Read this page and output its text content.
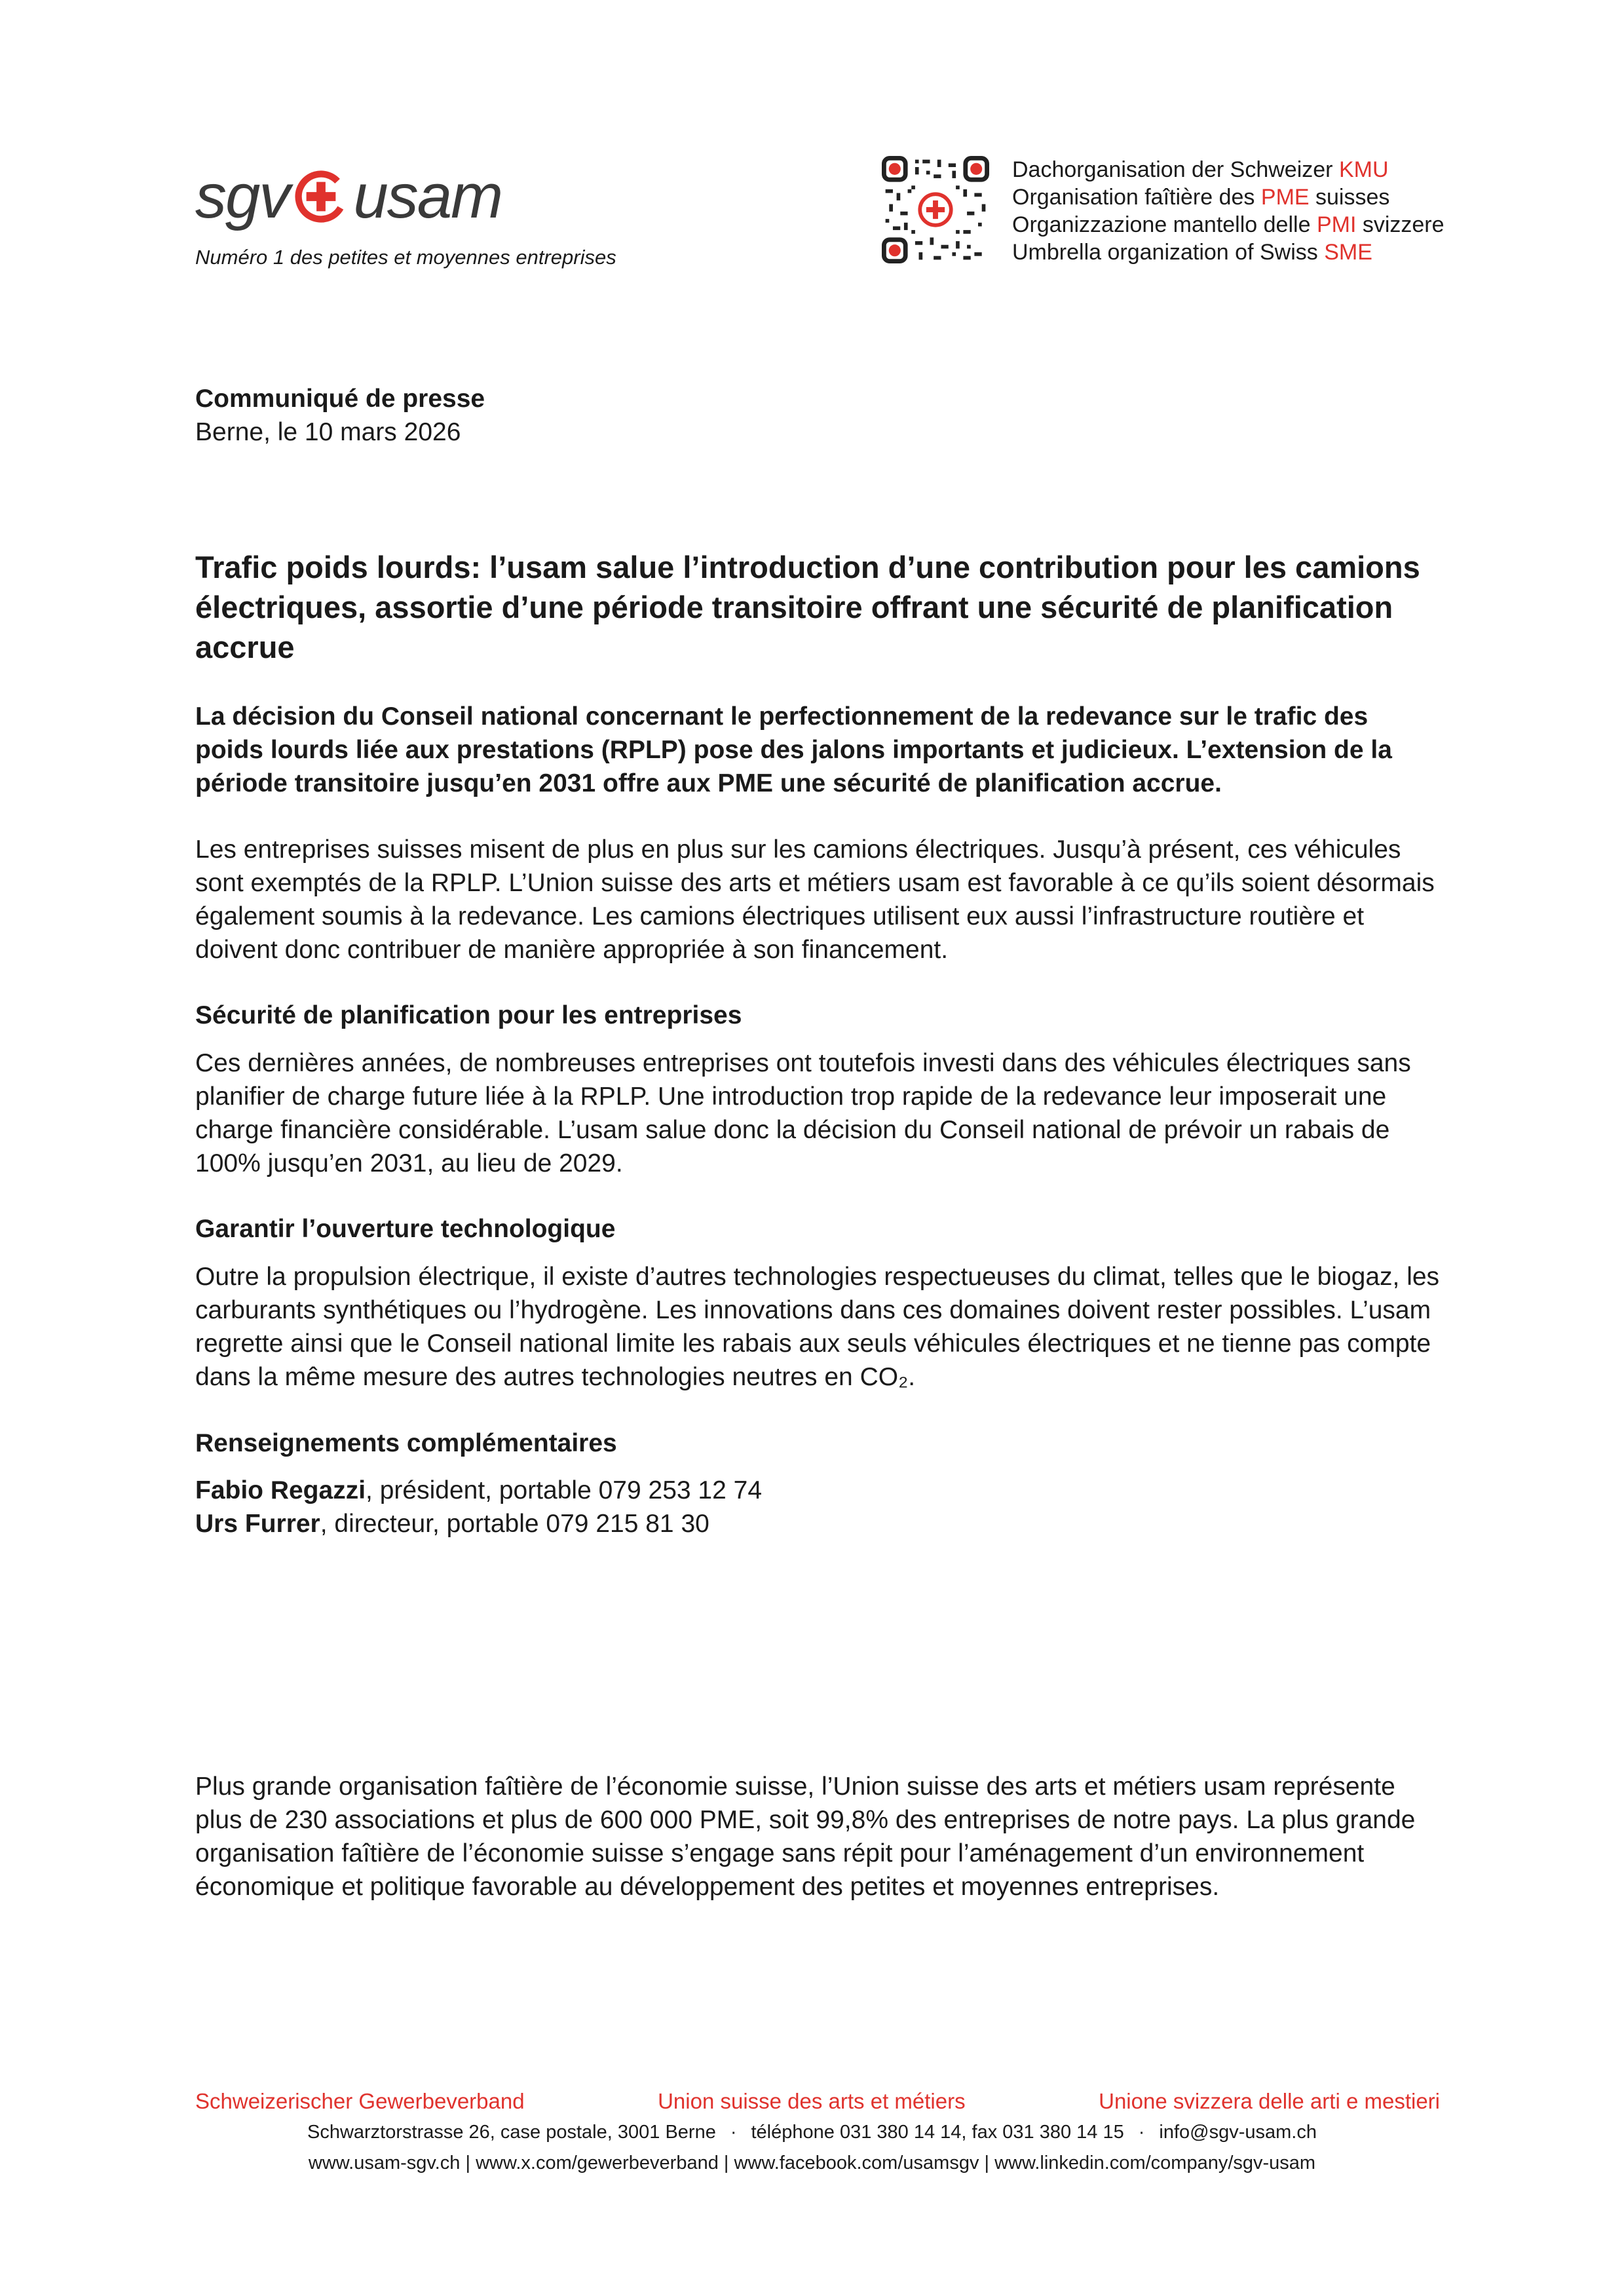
sgv usam
Numéro 1 des petites et moyennes entreprises
Dachorganisation der Schweizer KMU
Organisation faîtière des PME suisses
Organizzazione mantello delle PMI svizzere
Umbrella organization of Swiss SME
Communiqué de presse
Berne, le 10 mars 2026
Trafic poids lourds: l’usam salue l’introduction d’une contribution pour les camions électriques, assortie d’une période transitoire offrant une sécurité de planification accrue
La décision du Conseil national concernant le perfectionnement de la redevance sur le trafic des poids lourds liée aux prestations (RPLP) pose des jalons importants et judicieux. L’extension de la période transitoire jusqu’en 2031 offre aux PME une sécurité de planification accrue.
Les entreprises suisses misent de plus en plus sur les camions électriques. Jusqu’à présent, ces véhicules sont exemptés de la RPLP. L’Union suisse des arts et métiers usam est favorable à ce qu’ils soient désormais également soumis à la redevance. Les camions électriques utilisent eux aussi l’infrastructure routière et doivent donc contribuer de manière appropriée à son financement.
Sécurité de planification pour les entreprises
Ces dernières années, de nombreuses entreprises ont toutefois investi dans des véhicules électriques sans planifier de charge future liée à la RPLP. Une introduction trop rapide de la redevance leur imposerait une charge financière considérable. L’usam salue donc la décision du Conseil national de prévoir un rabais de 100% jusqu’en 2031, au lieu de 2029.
Garantir l’ouverture technologique
Outre la propulsion électrique, il existe d’autres technologies respectueuses du climat, telles que le biogaz, les carburants synthétiques ou l’hydrogène. Les innovations dans ces domaines doivent rester possibles. L’usam regrette ainsi que le Conseil national limite les rabais aux seuls véhicules électriques et ne tienne pas compte dans la même mesure des autres technologies neutres en CO₂.
Renseignements complémentaires
Fabio Regazzi, président, portable 079 253 12 74
Urs Furrer, directeur, portable 079 215 81 30
Plus grande organisation faîtière de l’économie suisse, l’Union suisse des arts et métiers usam représente plus de 230 associations et plus de 600 000 PME, soit 99,8% des entreprises de notre pays. La plus grande organisation faîtière de l’économie suisse s’engage sans répit pour l’aménagement d’un environnement économique et politique favorable au développement des petites et moyennes entreprises.
Schweizerischer Gewerbeverband	Union suisse des arts et métiers	Unione svizzera delle arti e mestieri
Schwarztorstrasse 26, case postale, 3001 Berne · téléphone 031 380 14 14, fax 031 380 14 15 · info@sgv-usam.ch
www.usam-sgv.ch | www.x.com/gewerbeverband | www.facebook.com/usamsgv | www.linkedin.com/company/sgv-usam
